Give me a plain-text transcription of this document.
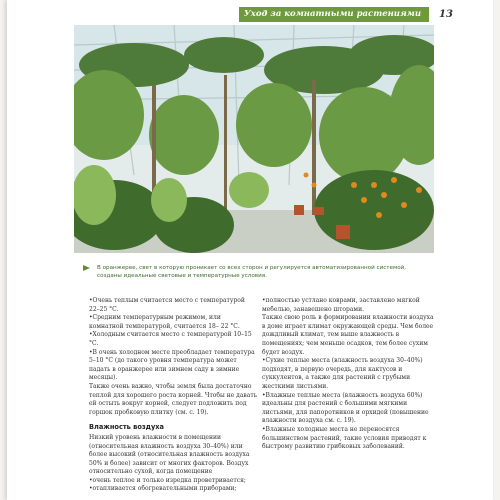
Уход за комнатными растениями	13
В оранжерее, свет в которую проникает со всех сторон и регулируется автоматизированной системой, созданы идеальные световые и температурные условия.

• Очень теплым считается место с температурой 22–25 °С.

• Средним температурным режимом, или комнатной температурой, считается 18– 22 °С.

• Холодным считается место с температурой 10–15 °С.

• В очень холодном месте преобладает температура 5–10 °С (до такого уровня температура может падать в оранжерее или зимнем саду в зимние месяцы).

Также очень важно, чтобы земля была достаточно теплой для хорошего роста корней. Чтобы не давать ей остыть вокруг корней, следует подложить под горшок пробковую плитку (см. с. 19).

Влажность воздуха

Низкий уровень влажности в помещении (относительная влажность воздуха 30–40%) или более высокий (относительная влажность воздуха 50% и более) зависит от многих факторов. Воздух относительно сухой, когда помещение

• очень теплое и только изредка проветривается;

• отапливается обогревательными приборами;

• полностью устлано коврами, заставлено мягкой мебелью, занавешено шторами.

Также свою роль в формировании влажности воздуха в доме играет климат окружающей среды. Чем более дождливый климат, тем выше влажность в помещениях; чем меньше осадков, тем более сухим будет воздух.

• Сухие теплые места (влажность воздуха 30–40%) подходят, в первую очередь, для кактусов и суккулентов, а также для растений с грубыми жесткими листьями.

• Влажные теплые места (влажность воздуха 60%) идеальны для растений с большими мягкими листьями, для папоротников и орхидей (повышение влажности воздуха см. с. 19).

• Влажные холодные места не переносятся большинством растений, такие условия приводят к быстрому развитию грибковых заболеваний.
